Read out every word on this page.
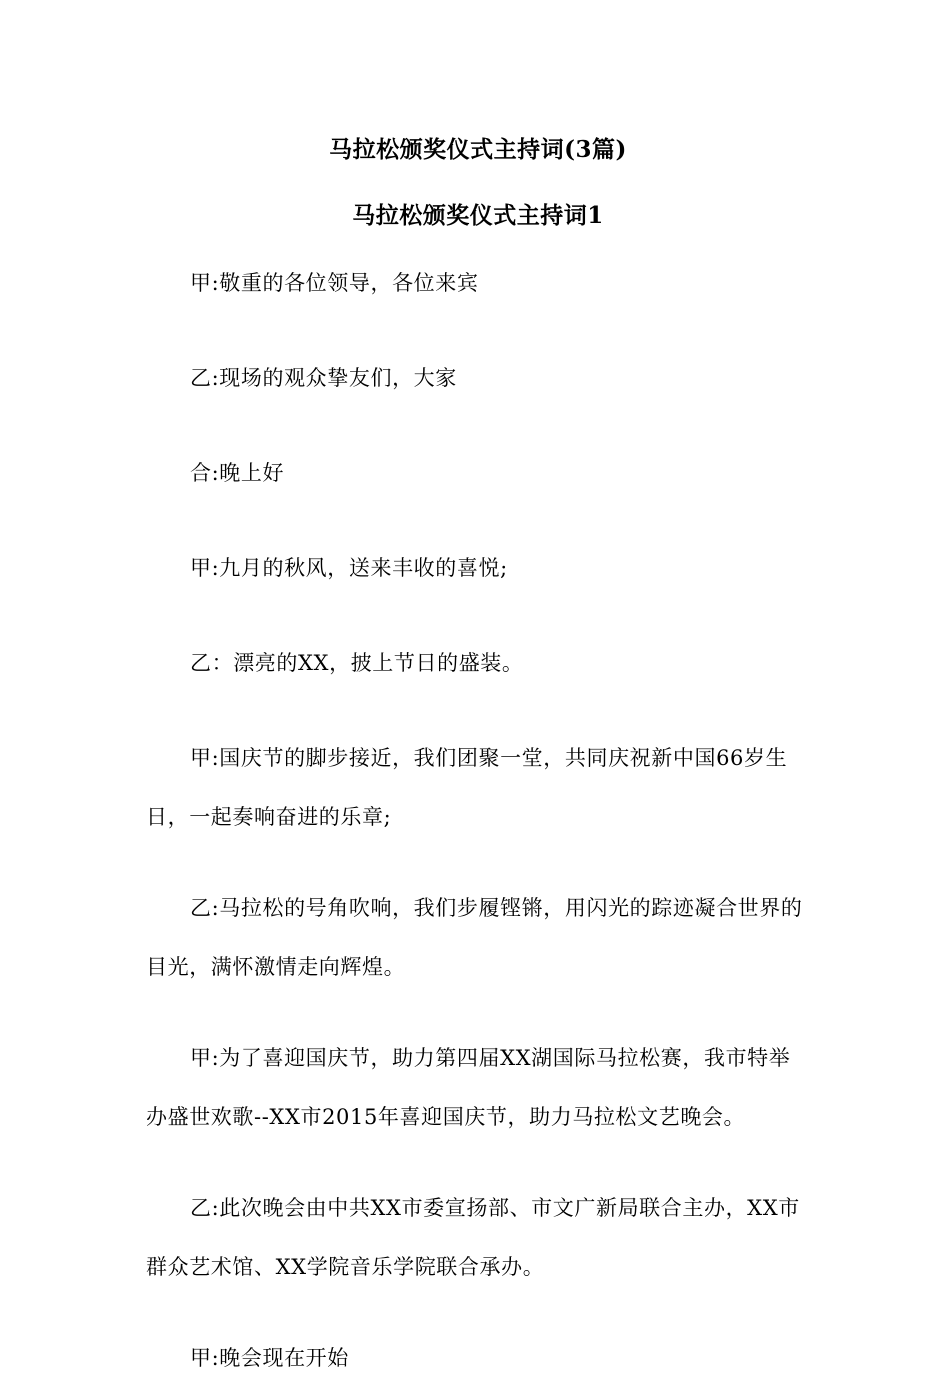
马拉松颁奖仪式主持词(3篇)
马拉松颁奖仪式主持词1

甲:敬重的各位领导，各位来宾

乙:现场的观众挚友们，大家

合:晚上好

甲:九月的秋风，送来丰收的喜悦;

乙：漂亮的XX，披上节日的盛装。

甲:国庆节的脚步接近，我们团聚一堂，共同庆祝新中国66岁生日，一起奏响奋进的乐章;

乙:马拉松的号角吹响，我们步履铿锵，用闪光的踪迹凝合世界的目光，满怀激情走向辉煌。

甲:为了喜迎国庆节，助力第四届XX湖国际马拉松赛，我市特举办盛世欢歌--XX市2015年喜迎国庆节，助力马拉松文艺晚会。

乙:此次晚会由中共XX市委宣扬部、市文广新局联合主办，XX市群众艺术馆、XX学院音乐学院联合承办。

甲:晚会现在开始
